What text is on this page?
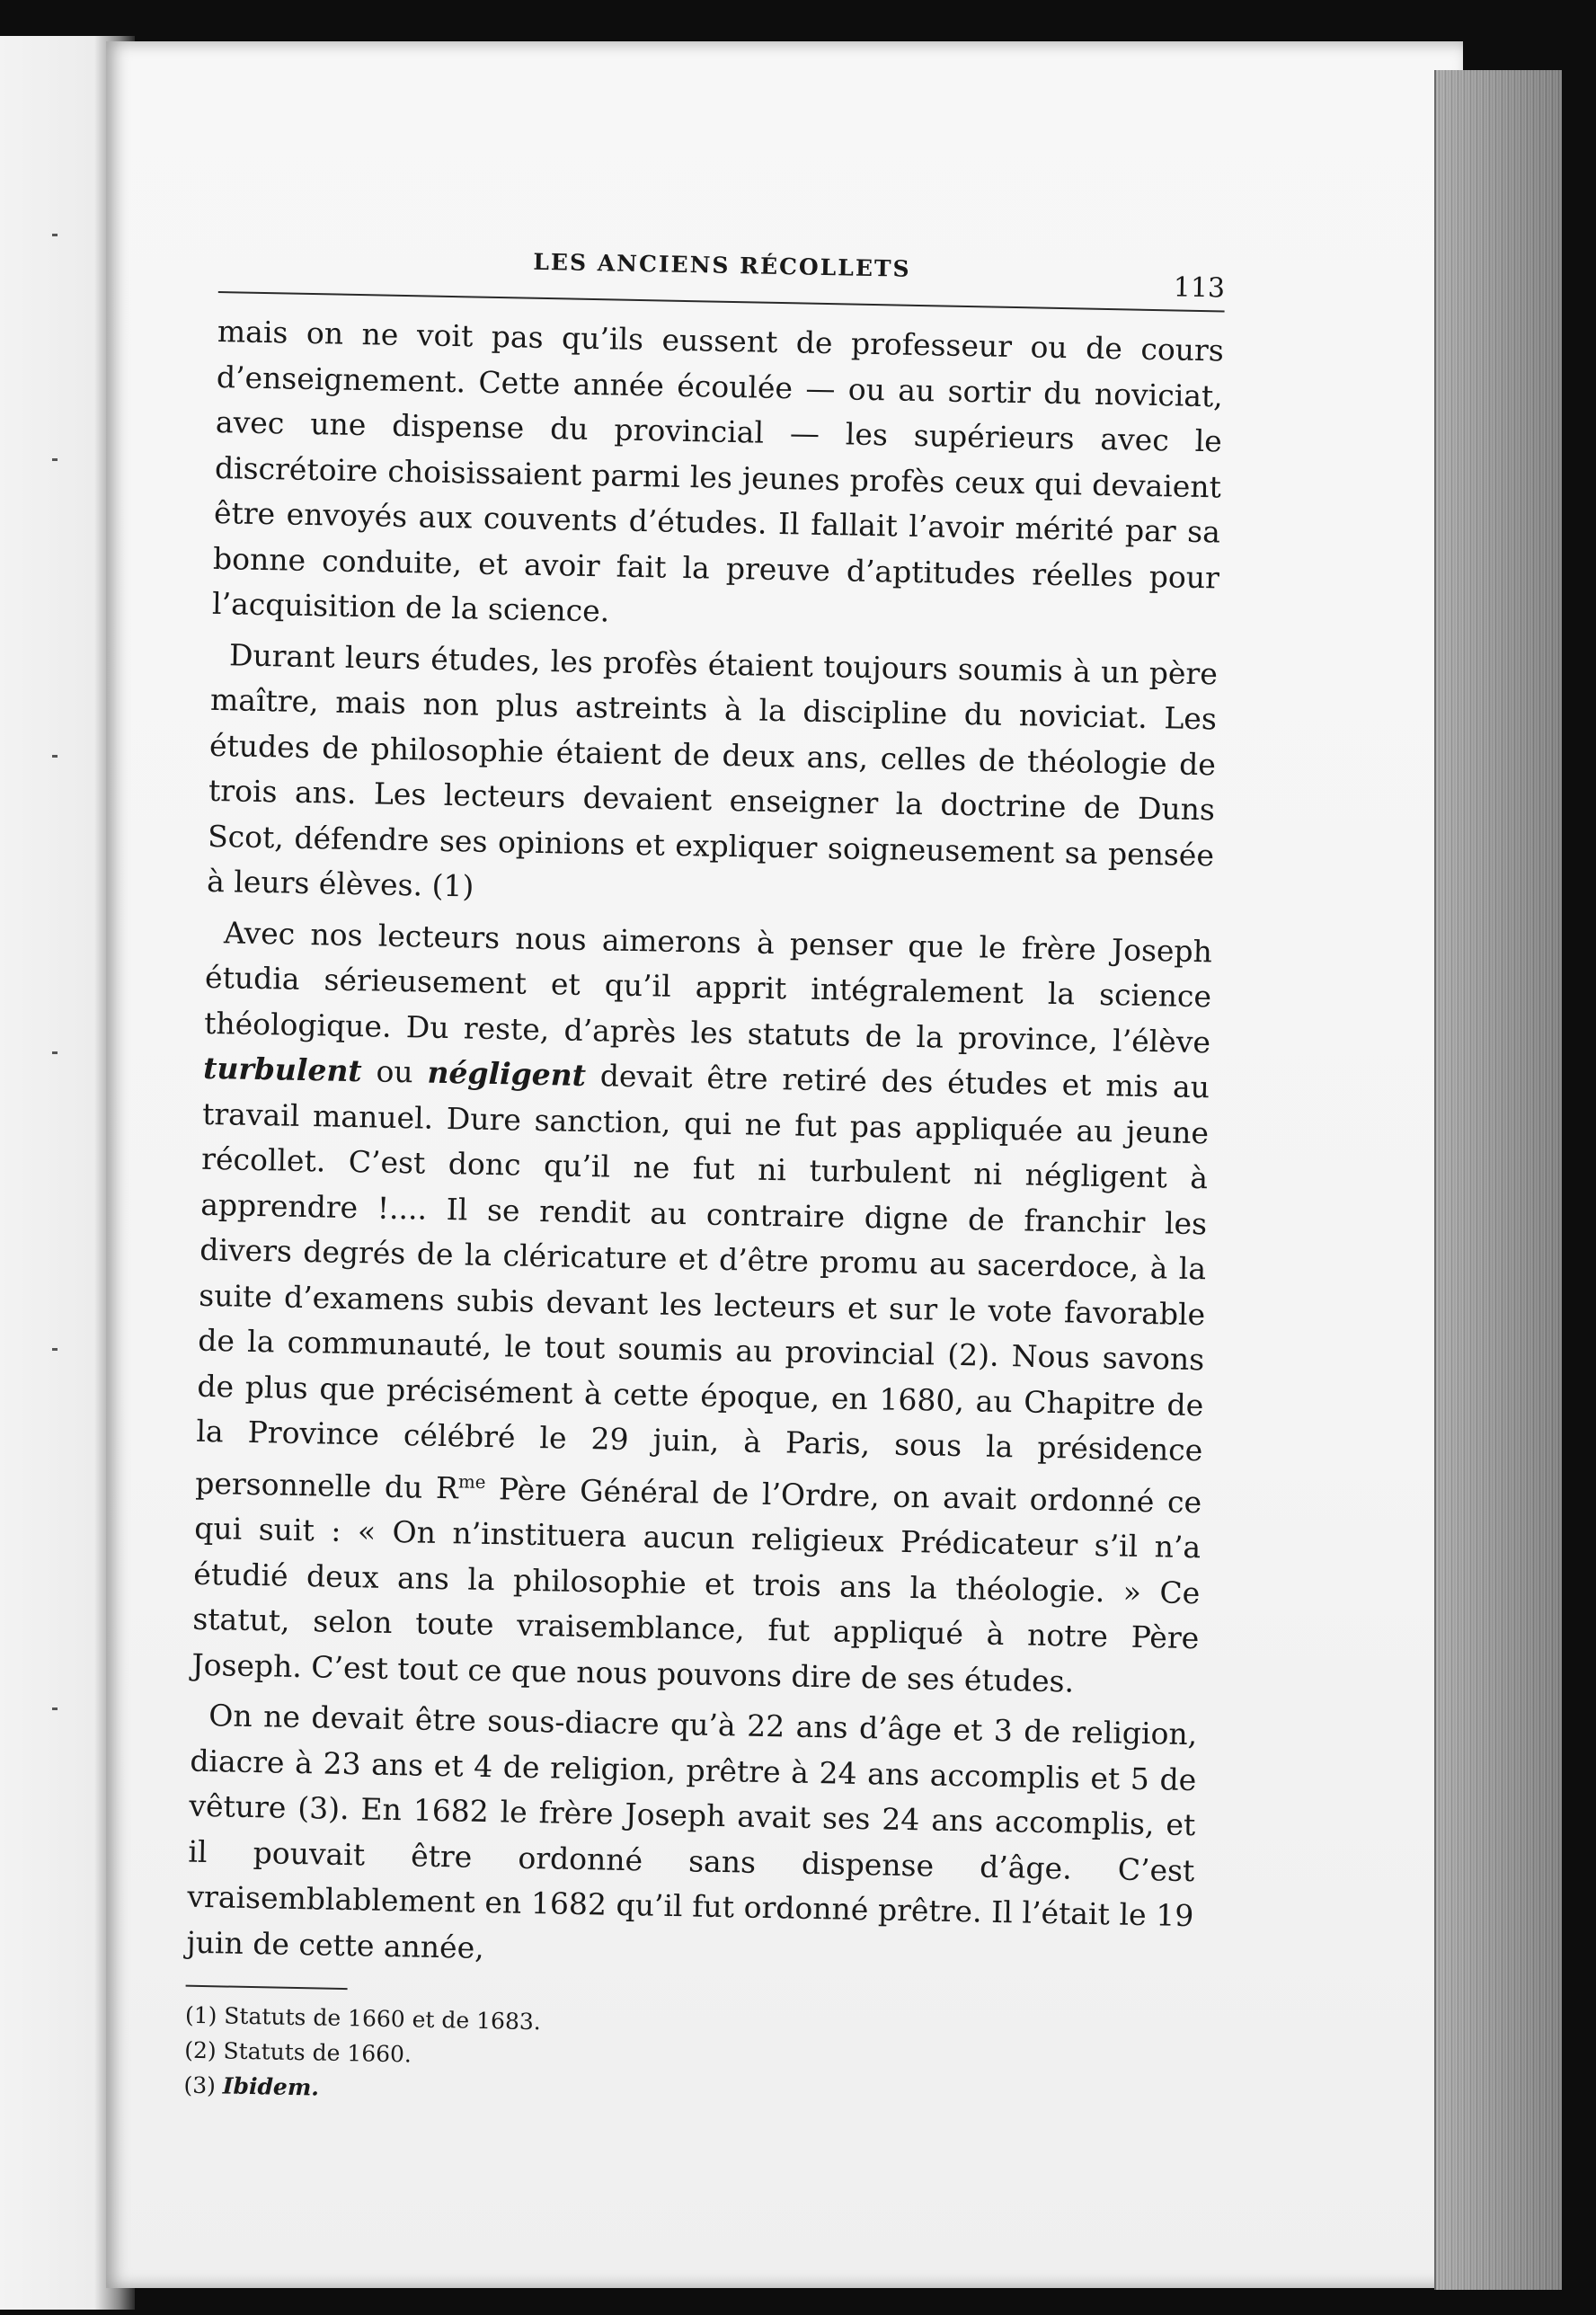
LES ANCIENS RÉCOLLETS
113

mais on ne voit pas qu’ils eussent de professeur ou de cours d’enseignement. Cette année écoulée — ou au sortir du noviciat, avec une dispense du provincial — les supérieurs avec le discrétoire choisissaient parmi les jeunes profès ceux qui devaient être envoyés aux couvents d’études. Il fallait l’avoir mérité par sa bonne conduite, et avoir fait la preuve d’aptitudes réelles pour l’acquisition de la science.

Durant leurs études, les profès étaient toujours soumis à un père maître, mais non plus astreints à la discipline du noviciat. Les études de philosophie étaient de deux ans, celles de théologie de trois ans. Les lecteurs devaient enseigner la doctrine de Duns Scot, défendre ses opinions et expliquer soigneusement sa pensée à leurs élèves. (1)

Avec nos lecteurs nous aimerons à penser que le frère Joseph étudia sérieusement et qu’il apprit intégralement la science théologique. Du reste, d’après les statuts de la province, l’élève turbulent ou négligent devait être retiré des études et mis au travail manuel. Dure sanction, qui ne fut pas appliquée au jeune récollet. C’est donc qu’il ne fut ni turbulent ni négligent à apprendre !.... Il se rendit au contraire digne de franchir les divers degrés de la cléricature et d’être promu au sacerdoce, à la suite d’examens subis devant les lecteurs et sur le vote favorable de la communauté, le tout soumis au provincial (2). Nous savons de plus que précisément à cette époque, en 1680, au Chapitre de la Province célébré le 29 juin, à Paris, sous la présidence personnelle du $R^{me}$ Père Général de l’Ordre, on avait ordonné ce qui suit : « On n’instituera aucun religieux Prédicateur s’il n’a étudié deux ans la philosophie et trois ans la théologie. » Ce statut, selon toute vraisemblance, fut appliqué à notre Père Joseph. C’est tout ce que nous pouvons dire de ses études.

On ne devait être sous-diacre qu’à 22 ans d’âge et 3 de religion, diacre à 23 ans et 4 de religion, prêtre à 24 ans accomplis et 5 de vêture (3). En 1682 le frère Joseph avait ses 24 ans accomplis, et il pouvait être ordonné sans dispense d’âge. C’est vraisemblablement en 1682 qu’il fut ordonné prêtre. Il l’était le 19 juin de cette année,

(1) Statuts de 1660 et de 1683.
(2) Statuts de 1660.
(3) Ibidem.
